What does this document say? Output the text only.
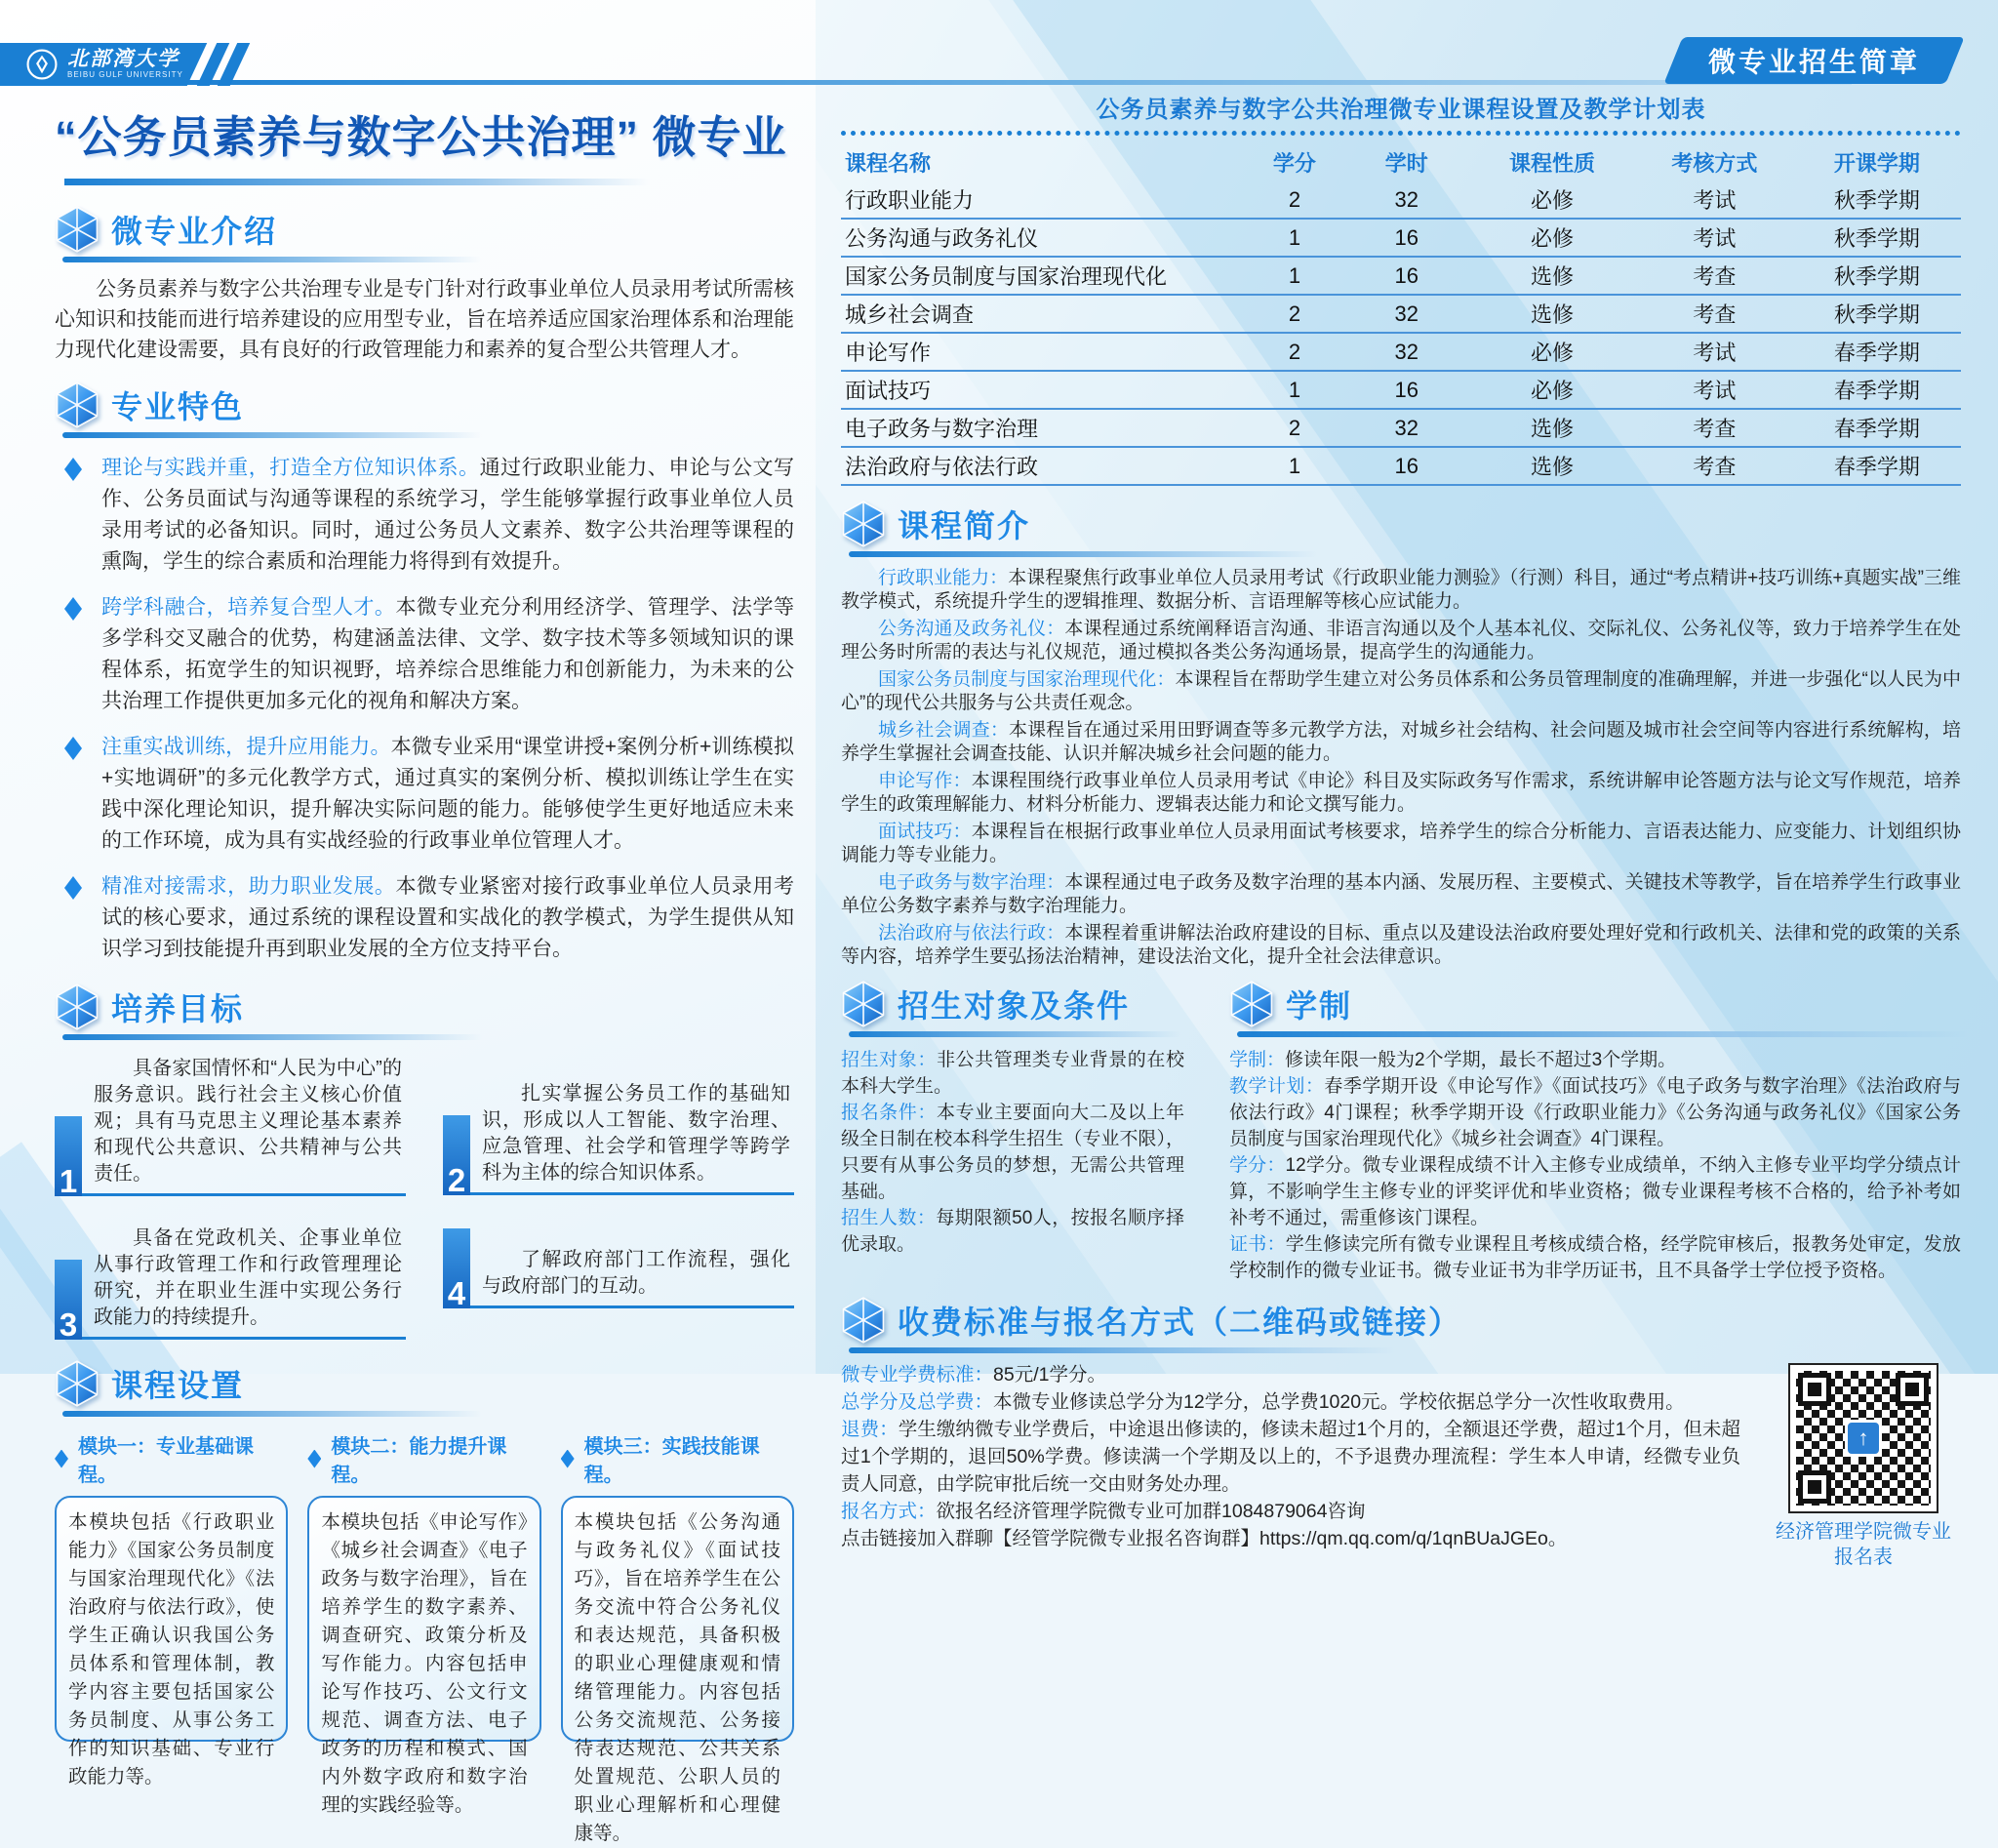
北部湾大学
BEIBU GULF UNIVERSITY	微专业招生简章
“公务员素养与数字公共治理” 微专业
微专业介绍

公务员素养与数字公共治理专业是专门针对行政事业单位人员录用考试所需核心知识和技能而进行培养建设的应用型专业，旨在培养适应国家治理体系和治理能力现代化建设需要，具有良好的行政管理能力和素养的复合型公共管理人才。

专业特色
理论与实践并重，打造全方位知识体系。通过行政职业能力、申论与公文写作、公务员面试与沟通等课程的系统学习，学生能够掌握行政事业单位人员录用考试的必备知识。同时，通过公务员人文素养、数字公共治理等课程的熏陶，学生的综合素质和治理能力将得到有效提升。
跨学科融合，培养复合型人才。本微专业充分利用经济学、管理学、法学等多学科交叉融合的优势，构建涵盖法律、文学、数字技术等多领域知识的课程体系，拓宽学生的知识视野，培养综合思维能力和创新能力，为未来的公共治理工作提供更加多元化的视角和解决方案。
注重实战训练，提升应用能力。本微专业采用“课堂讲授+案例分析+训练模拟+实地调研”的多元化教学方式，通过真实的案例分析、模拟训练让学生在实践中深化理论知识，提升解决实际问题的能力。能够使学生更好地适应未来的工作环境，成为具有实战经验的行政事业单位管理人才。
精准对接需求，助力职业发展。本微专业紧密对接行政事业单位人员录用考试的核心要求，通过系统的课程设置和实战化的教学模式，为学生提供从知识学习到技能提升再到职业发展的全方位支持平台。
培养目标
1

具备家国情怀和“人民为中心”的服务意识。践行社会主义核心价值观；具有马克思主义理论基本素养和现代公共意识、公共精神与公共责任。	2

扎实掌握公务员工作的基础知识，形成以人工智能、数字治理、应急管理、社会学和管理学等跨学科为主体的综合知识体系。

3

具备在党政机关、企事业单位从事行政管理工作和行政管理理论研究，并在职业生涯中实现公务行政能力的持续提升。

4

了解政府部门工作流程，强化与政府部门的互动。

课程设置
模块一：专业基础课程。
本模块包括《行政职业能力》《国家公务员制度与国家治理现代化》《法治政府与依法行政》，使学生正确认识我国公务员体系和管理体制，教学内容主要包括国家公务员制度、从事公务工作的知识基础、专业行政能力等。
模块二：能力提升课程。
本模块包括《申论写作》《城乡社会调查》《电子政务与数字治理》，旨在培养学生的数字素养、调查研究、政策分析及写作能力。内容包括申论写作技巧、公文行文规范、调查方法、电子政务的历程和模式、国内外数字政府和数字治理的实践经验等。
模块三：实践技能课程。
本模块包括《公务沟通与政务礼仪》《面试技巧》，旨在培养学生在公务交流中符合公务礼仪和表达规范，具备积极的职业心理健康观和情绪管理能力。内容包括公务交流规范、公务接待表达规范、公共关系处置规范、公职人员的职业心理解析和心理健康等。
公务员素养与数字公共治理微专业课程设置及教学计划表
课程名称	学分	学时	课程性质	考核方式	开课学期
行政职业能力	2	32	必修	考试	秋季学期
公务沟通与政务礼仪	1	16	必修	考试	秋季学期
国家公务员制度与国家治理现代化	1	16	选修	考查	秋季学期
城乡社会调查	2	32	选修	考查	秋季学期
申论写作	2	32	必修	考试	春季学期
面试技巧	1	16	必修	考试	春季学期
电子政务与数字治理	2	32	选修	考查	春季学期
法治政府与依法行政	1	16	选修	考查	春季学期
课程简介

行政职业能力：本课程聚焦行政事业单位人员录用考试《行政职业能力测验》（行测）科目，通过“考点精讲+技巧训练+真题实战”三维教学模式，系统提升学生的逻辑推理、数据分析、言语理解等核心应试能力。

公务沟通及政务礼仪：本课程通过系统阐释语言沟通、非语言沟通以及个人基本礼仪、交际礼仪、公务礼仪等，致力于培养学生在处理公务时所需的表达与礼仪规范，通过模拟各类公务沟通场景，提高学生的沟通能力。

国家公务员制度与国家治理现代化：本课程旨在帮助学生建立对公务员体系和公务员管理制度的准确理解，并进一步强化“以人民为中心”的现代公共服务与公共责任观念。

城乡社会调查：本课程旨在通过采用田野调查等多元教学方法，对城乡社会结构、社会问题及城市社会空间等内容进行系统解构，培养学生掌握社会调查技能、认识并解决城乡社会问题的能力。

申论写作：本课程围绕行政事业单位人员录用考试《申论》科目及实际政务写作需求，系统讲解申论答题方法与论文写作规范，培养学生的政策理解能力、材料分析能力、逻辑表达能力和论文撰写能力。

面试技巧：本课程旨在根据行政事业单位人员录用面试考核要求，培养学生的综合分析能力、言语表达能力、应变能力、计划组织协调能力等专业能力。

电子政务与数字治理：本课程通过电子政务及数字治理的基本内涵、发展历程、主要模式、关键技术等教学，旨在培养学生行政事业单位公务数字素养与数字治理能力。

法治政府与依法行政：本课程着重讲解法治政府建设的目标、重点以及建设法治政府要处理好党和行政机关、法律和党的政策的关系等内容，培养学生要弘扬法治精神，建设法治文化，提升全社会法律意识。

招生对象及条件

招生对象：非公共管理类专业背景的在校本科大学生。

报名条件：本专业主要面向大二及以上年级全日制在校本科学生招生（专业不限），只要有从事公务员的梦想，无需公共管理基础。

招生人数：每期限额50人，按报名顺序择优录取。

学制

学制：修读年限一般为2个学期，最长不超过3个学期。

教学计划：春季学期开设《申论写作》《面试技巧》《电子政务与数字治理》《法治政府与依法行政》4门课程；秋季学期开设《行政职业能力》《公务沟通与政务礼仪》《国家公务员制度与国家治理现代化》《城乡社会调查》4门课程。

学分：12学分。微专业课程成绩不计入主修专业成绩单，不纳入主修专业平均学分绩点计算，不影响学生主修专业的评奖评优和毕业资格；微专业课程考核不合格的，给予补考如补考不通过，需重修该门课程。

证书：学生修读完所有微专业课程且考核成绩合格，经学院审核后，报教务处审定，发放学校制作的微专业证书。微专业证书为非学历证书，且不具备学士学位授予资格。

收费标准与报名方式（二维码或链接）

微专业学费标准：85元/1学分。

总学分及总学费：本微专业修读总学分为12学分，总学费1020元。学校依据总学分一次性收取费用。

退费：学生缴纳微专业学费后，中途退出修读的，修读未超过1个月的，全额退还学费，超过1个月，但未超过1个学期的，退回50%学费。修读满一个学期及以上的，不予退费办理流程：学生本人申请，经微专业负责人同意，由学院审批后统一交由财务处办理。

报名方式：欲报名经济管理学院微专业可加群1084879064咨询

点击链接加入群聊【经管学院微专业报名咨询群】https://qm.qq.com/q/1qnBUaJGEo。

↑
经济管理学院微专业报名表
